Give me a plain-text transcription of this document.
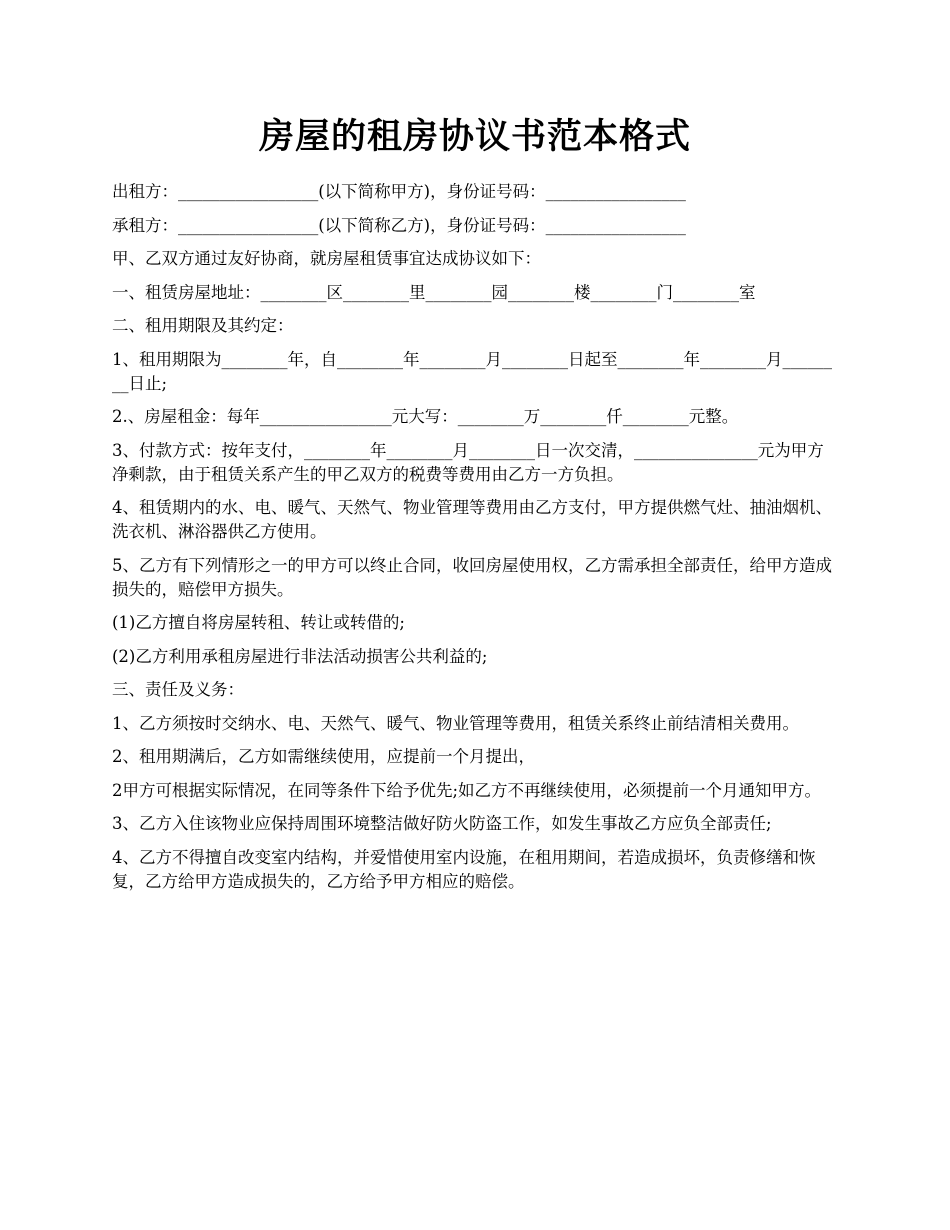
房屋的租房协议书范本格式

出租方：_________________(以下简称甲方)，身份证号码：_________________

承租方：_________________(以下简称乙方)，身份证号码：_________________

甲、乙双方通过友好协商，就房屋租赁事宜达成协议如下：

一、租赁房屋地址：________区________里________园________楼________门________室

二、租用期限及其约定：

1、租用期限为________年，自________年________月________日起至________年________月________日止;

2.、房屋租金：每年________________元大写：________万________仟________元整。

3、付款方式：按年支付，________年________月________日一次交清，_______________元为甲方净剩款，由于租赁关系产生的甲乙双方的税费等费用由乙方一方负担。

4、租赁期内的水、电、暖气、天然气、物业管理等费用由乙方支付，甲方提供燃气灶、抽油烟机、洗衣机、淋浴器供乙方使用。

5、乙方有下列情形之一的甲方可以终止合同，收回房屋使用权，乙方需承担全部责任，给甲方造成损失的，赔偿甲方损失。

(1)乙方擅自将房屋转租、转让或转借的;

(2)乙方利用承租房屋进行非法活动损害公共利益的;

三、责任及义务：

1、乙方须按时交纳水、电、天然气、暖气、物业管理等费用，租赁关系终止前结清相关费用。

2、租用期满后，乙方如需继续使用，应提前一个月提出，

2甲方可根据实际情况，在同等条件下给予优先;如乙方不再继续使用，必须提前一个月通知甲方。

3、乙方入住该物业应保持周围环境整洁做好防火防盗工作，如发生事故乙方应负全部责任;

4、乙方不得擅自改变室内结构，并爱惜使用室内设施，在租用期间，若造成损坏，负责修缮和恢复，乙方给甲方造成损失的，乙方给予甲方相应的赔偿。
